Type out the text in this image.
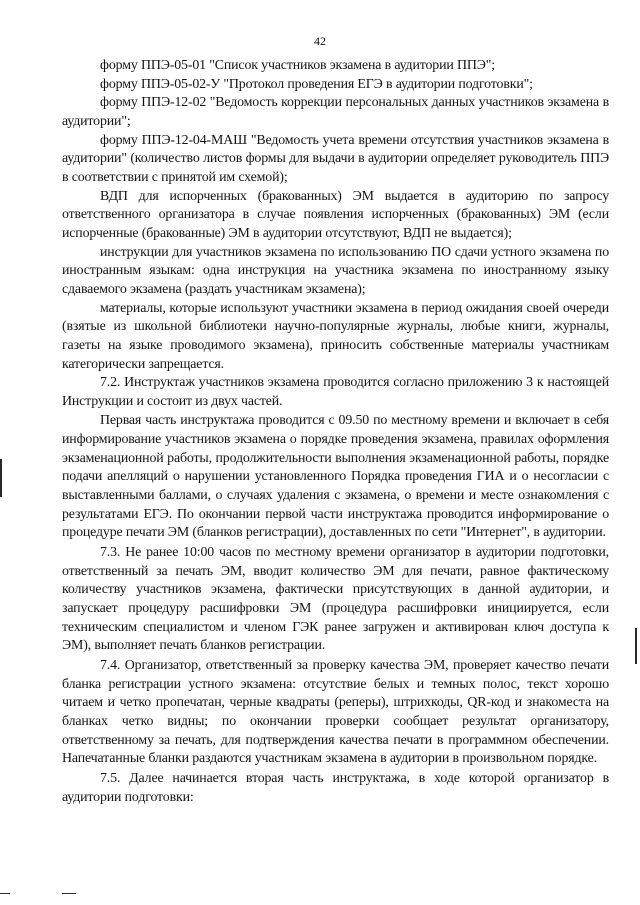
42

форму ППЭ-05-01 "Список участников экзамена в аудитории ППЭ";

форму ППЭ-05-02-У "Протокол проведения ЕГЭ в аудитории подготовки";

форму ППЭ-12-02 "Ведомость коррекции персональных данных участников экзамена в аудитории";

форму ППЭ-12-04-МАШ "Ведомость учета времени отсутствия участников экзамена в аудитории" (количество листов формы для выдачи в аудитории определяет руководитель ППЭ в соответствии с принятой им схемой);

ВДП для испорченных (бракованных) ЭМ выдается в аудиторию по запросу ответственного организатора в случае появления испорченных (бракованных) ЭМ (если испорченные (бракованные) ЭМ в аудитории отсутствуют, ВДП не выдается);

инструкции для участников экзамена по использованию ПО сдачи устного экзамена по иностранным языкам: одна инструкция на участника экзамена по иностранному языку сдаваемого экзамена (раздать участникам экзамена);

материалы, которые используют участники экзамена в период ожидания своей очереди (взятые из школьной библиотеки научно-популярные журналы, любые книги, журналы, газеты на языке проводимого экзамена), приносить собственные материалы участникам категорически запрещается.

7.2. Инструктаж участников экзамена проводится согласно приложению 3 к настоящей Инструкции и состоит из двух частей.

Первая часть инструктажа проводится с 09.50 по местному времени и включает в себя информирование участников экзамена о порядке проведения экзамена, правилах оформления экзаменационной работы, продолжительности выполнения экзаменационной работы, порядке подачи апелляций о нарушении установленного Порядка проведения ГИА и о несогласии с выставленными баллами, о случаях удаления с экзамена, о времени и месте ознакомления с результатами ЕГЭ. По окончании первой части инструктажа проводится информирование о процедуре печати ЭМ (бланков регистрации), доставленных по сети "Интернет", в аудитории.

7.3. Не ранее 10:00 часов по местному времени организатор в аудитории подготовки, ответственный за печать ЭМ, вводит количество ЭМ для печати, равное фактическому количеству участников экзамена, фактически присутствующих в данной аудитории, и запускает процедуру расшифровки ЭМ (процедура расшифровки инициируется, если техническим специалистом и членом ГЭК ранее загружен и активирован ключ доступа к ЭМ), выполняет печать бланков регистрации.

7.4. Организатор, ответственный за проверку качества ЭМ, проверяет качество печати бланка регистрации устного экзамена: отсутствие белых и темных полос, текст хорошо читаем и четко пропечатан, черные квадраты (реперы), штрихкоды, QR-код и знакоместа на бланках четко видны; по окончании проверки сообщает результат организатору, ответственному за печать, для подтверждения качества печати в программном обеспечении. Напечатанные бланки раздаются участникам экзамена в аудитории в произвольном порядке.

7.5. Далее начинается вторая часть инструктажа, в ходе которой организатор в аудитории подготовки:
